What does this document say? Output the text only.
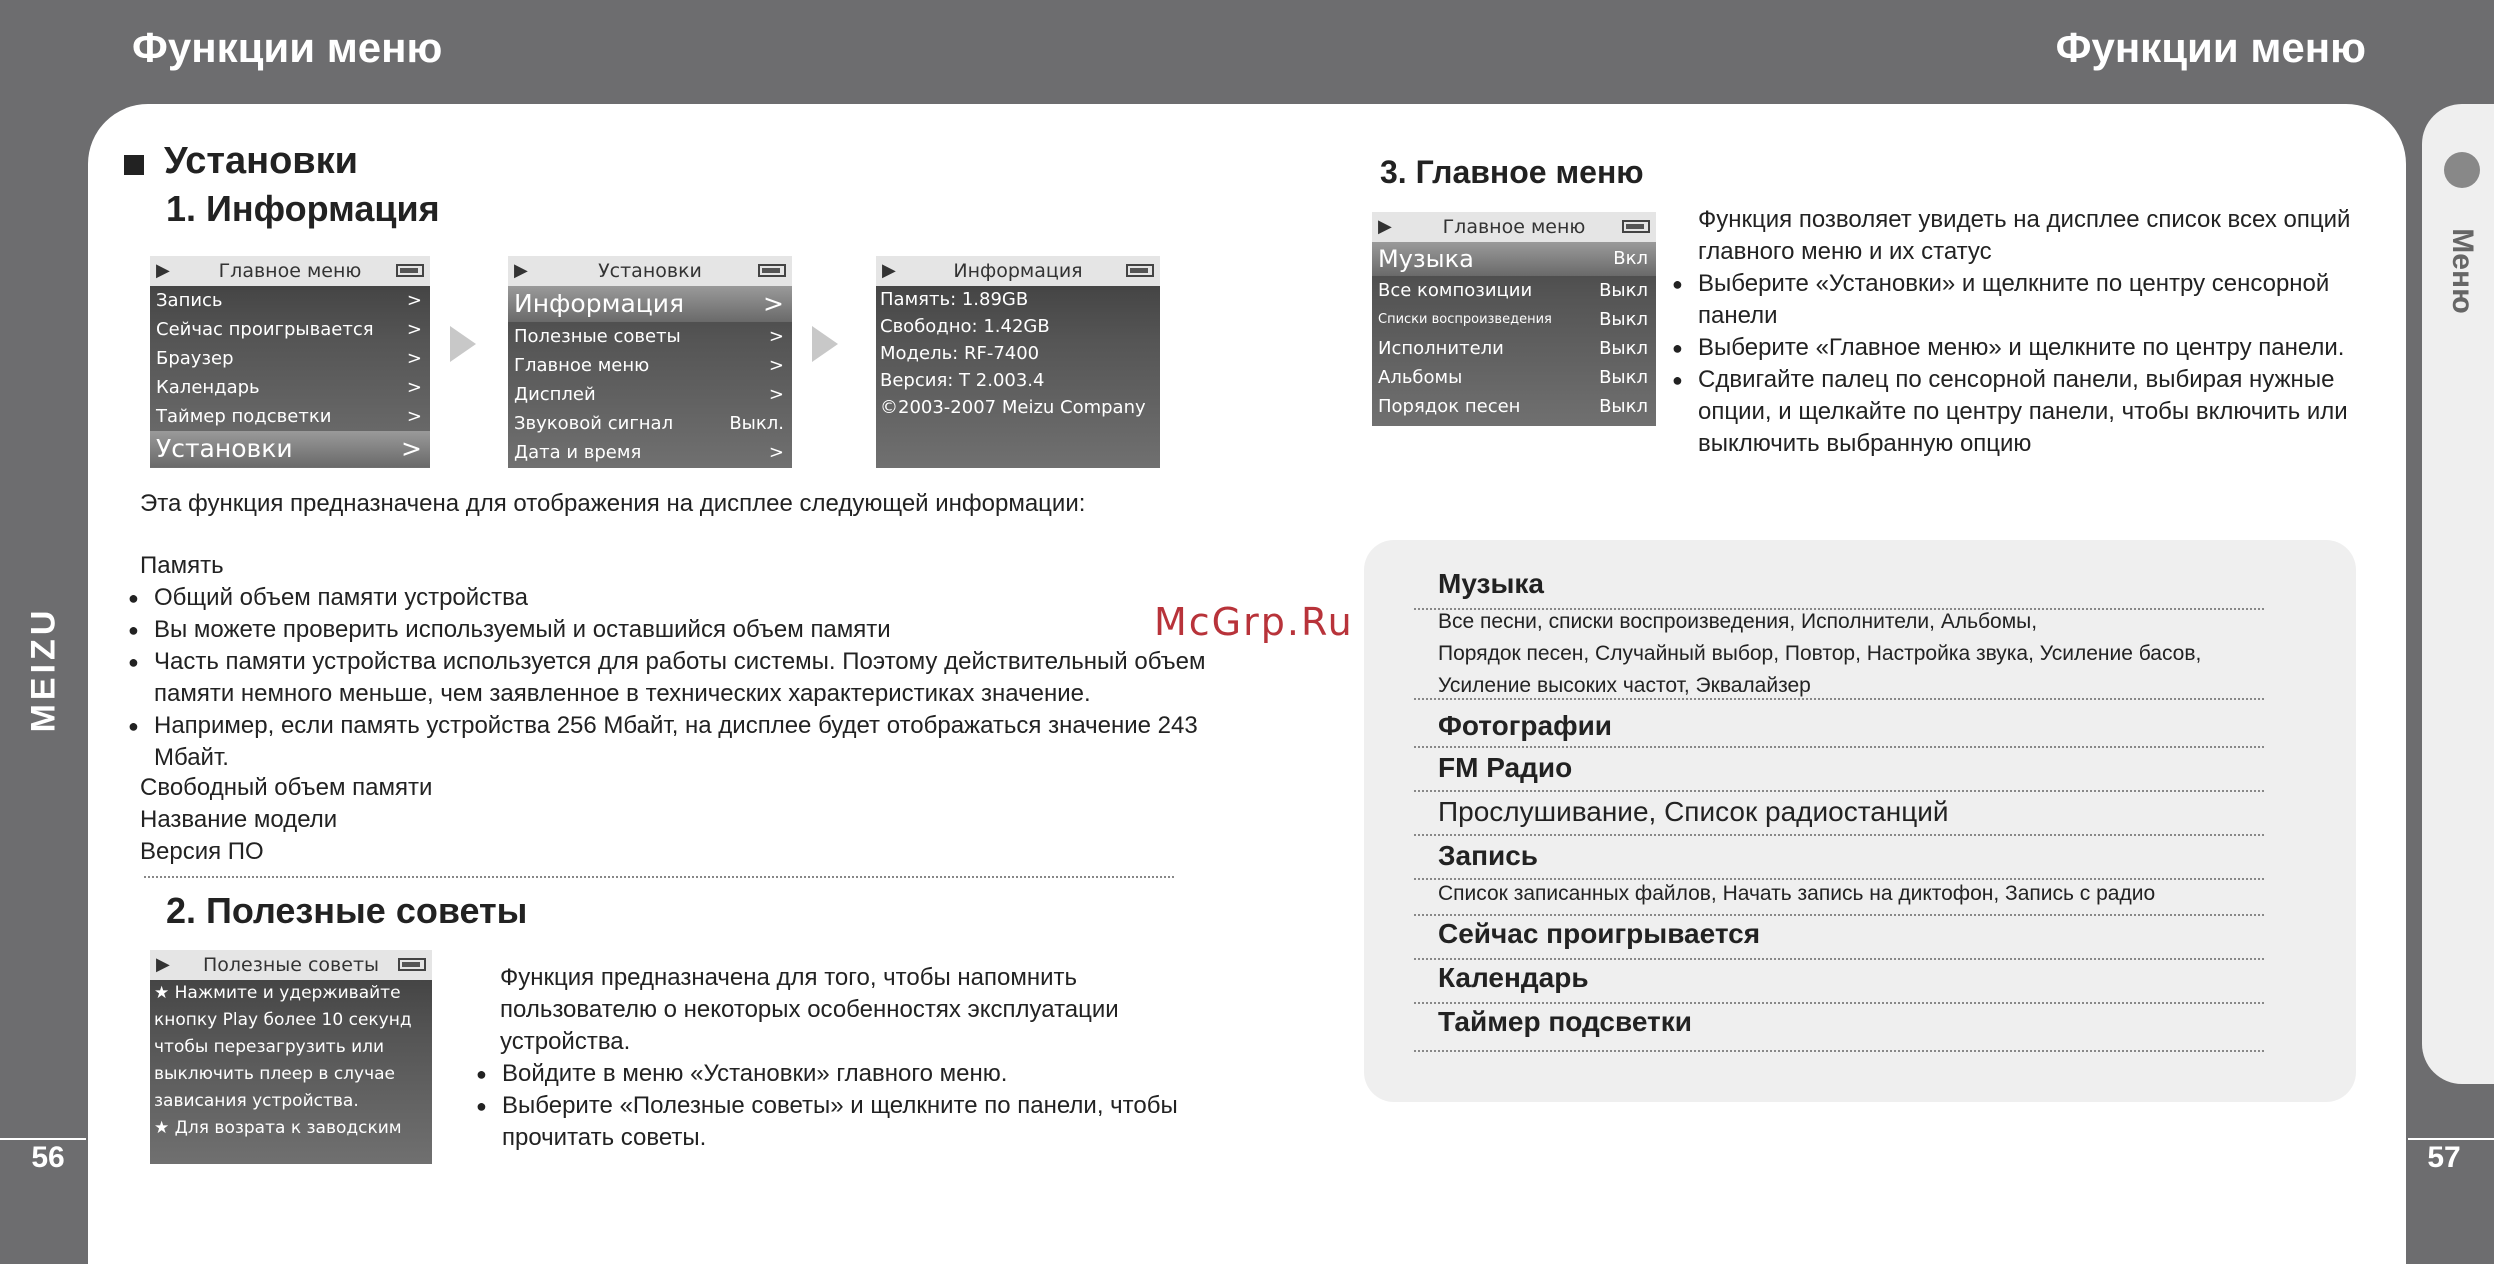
Функции меню	Функции меню
MEIZU
Меню
56	57
Установки
1. Информация
▶	Главное меню
Запись	>
Сейчас проигрывается >
Браузер	>
Календарь	>
Таймер подсветки	>
Установки	>
▶	Установки
Информация	>
Полезные советы	>
Главное меню	>
Дисплей	>
Звуковой сигнал	Выкл.
Дата и время	>
▶	Информация
Память: 1.89GB
Свободно: 1.42GB
Модель: RF-7400
Версия: T 2.003.4
©2003-2007 Meizu Company
Эта функция предназначена для отображения на дисплее следующей информации:
Память
● Общий объем памяти устройства
● Вы можете проверить используемый и оставшийся объем памяти
● Часть памяти устройства используется для работы системы. Поэтому действительный объем памяти немного меньше, чем заявленное в технических характеристиках значение.
● Например, если память устройства 256 Мбайт, на дисплее будет отображаться значение 243 Мбайт.
Свободный объем памяти
Название модели
Версия ПО
2. Полезные советы
▶ Полезные советы
★ Нажмите и удерживайте
кнопку Play более 10 секунд
чтобы перезагрузить или
выключить плеер в случае
зависания устройства.
★ Для возрата к заводским
Функция предназначена для того, чтобы напомнить пользователю о некоторых особенностях эксплуатации устройства.
● Войдите в меню «Установки» главного меню.
● Выберите «Полезные советы» и щелкните по панели, чтобы прочитать советы.
McGrp.Ru
3. Главное меню
▶	Главное меню
Музыка	Вкл
Все композиции	Выкл
Списки воспроизведения	Выкл
Исполнители	Выкл
Альбомы	Выкл
Порядок песен	Выкл
Функция позволяет увидеть на дисплее список всех опций главного меню и их статус
● Выберите «Установки» и щелкните по центру сенсорной панели
● Выберите «Главное меню» и щелкните по центру панели.
● Сдвигайте палец по сенсорной панели, выбирая нужные опции, и щелкайте по центру панели, чтобы включить или выключить выбранную опцию
Музыка
Все песни, списки воспроизведения, Исполнители, Альбомы,
Порядок песен, Случайный выбор, Повтор, Настройка звука, Усиление басов,
Усиление высоких частот, Эквалайзер
Фотографии
FM Радио
Прослушивание, Список радиостанций
Запись
Список записанных файлов, Начать запись на диктофон, Запись с радио
Сейчас проигрывается
Календарь
Таймер подсветки
